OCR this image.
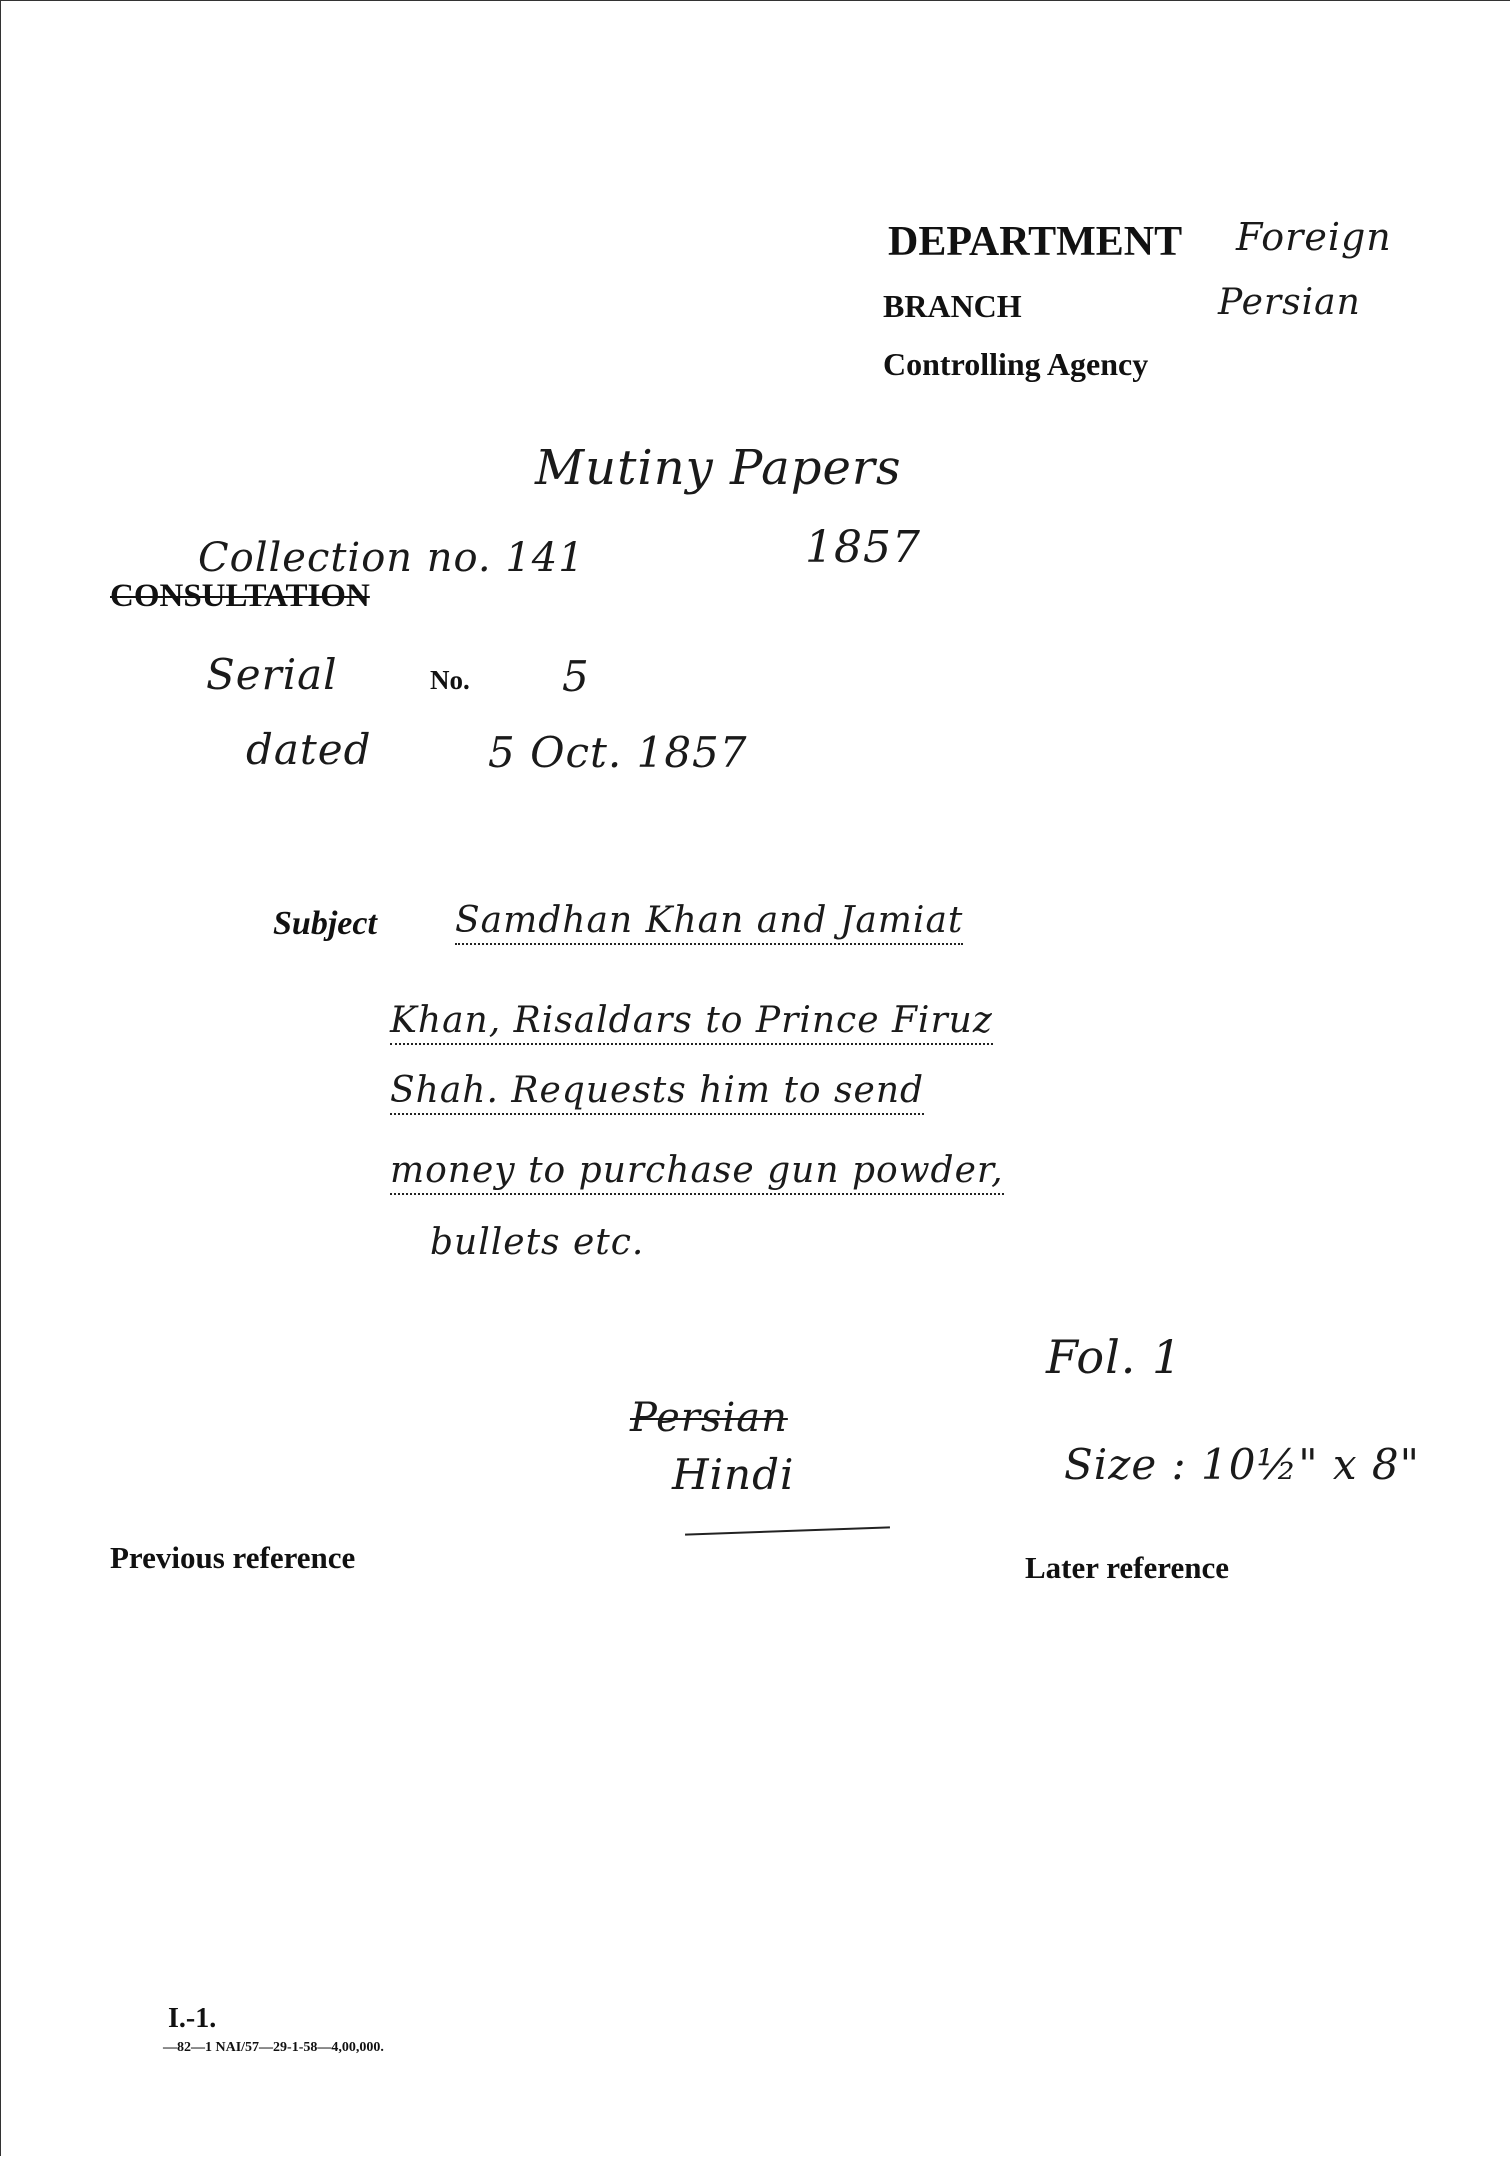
DEPARTMENT Foreign
BRANCH	Persian
Controlling Agency
Mutiny Papers
1857
Collection no. 141
CONSULTATION
Serial	No. 5
dated	5 Oct. 1857
Subject Samdhan Khan and Jamiat
Khan, Risaldars to Prince Firuz
Shah. Requests him to send
money to purchase gun powder,
bullets etc.
Fol. 1
Size : 10½" x 8"
Persian
Hindi
Previous reference	Later reference
I.-1.
—82—1 NAI/57—29-1-58—4,00,000.
